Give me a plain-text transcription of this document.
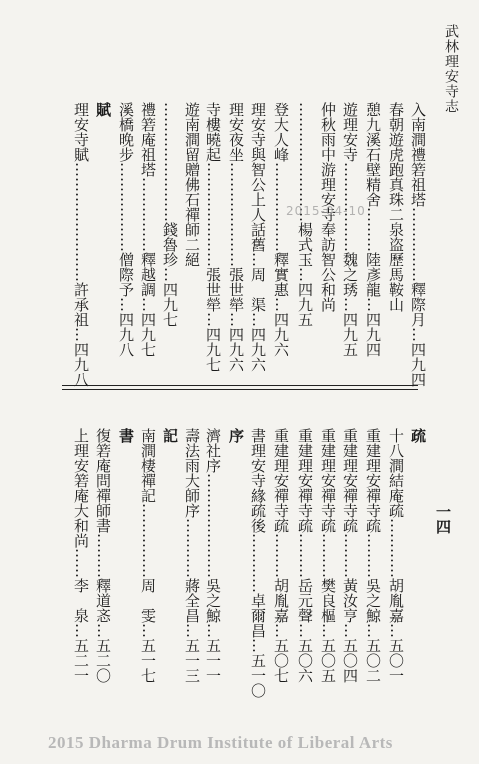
武林理安寺志
一四
入南澗禮箬祖塔……………釋際月…四九四
春朝遊虎跑真珠二泉盗歷馬鞍山
憩九溪石壁精舍………陸彥龍…四九四
遊理安寺………………魏之琇…四九五
仲秋雨中游理安寺奉訪智公和尚
……………………楊式玉…四九五
登大人峰………………釋實惠…四九六
理安寺與智公上人話舊…周　渠…四九六
理安夜坐…………………張世犖…四九六
寺樓曉起…………………張世犖…四九七
遊南澗留贈佛石禪師二絕
……………………錢魯珍…四九七
禮箬庵祖塔……………釋越調…四九七
溪橋晚步………………僧際予…四九八
賦
理安寺賦……………………許承祖…四九八
疏
十八澗結庵疏…………胡胤嘉…五〇一
重建理安禪寺疏………吳之鯨…五〇二
重建理安禪寺疏………黃汝亨…五〇四
重建理安禪寺疏………樊良樞…五〇五
重建理安禪寺疏………岳元聲…五〇六
重建理安禪寺疏………胡胤嘉…五〇七
書理安寺緣疏後…………卓爾昌…五一〇
序
濟社序…………………吳之鯨…五一一
壽法雨大師序…………蔣全昌…五一三
記
南澗棲禪記……………周　雯…五一七
書
復箬庵問禪師書………釋道忞…五二〇
上理安箬庵大和尚……李　泉…五二一
2015-04-10
2015 Dharma Drum Institute of Liberal Arts
